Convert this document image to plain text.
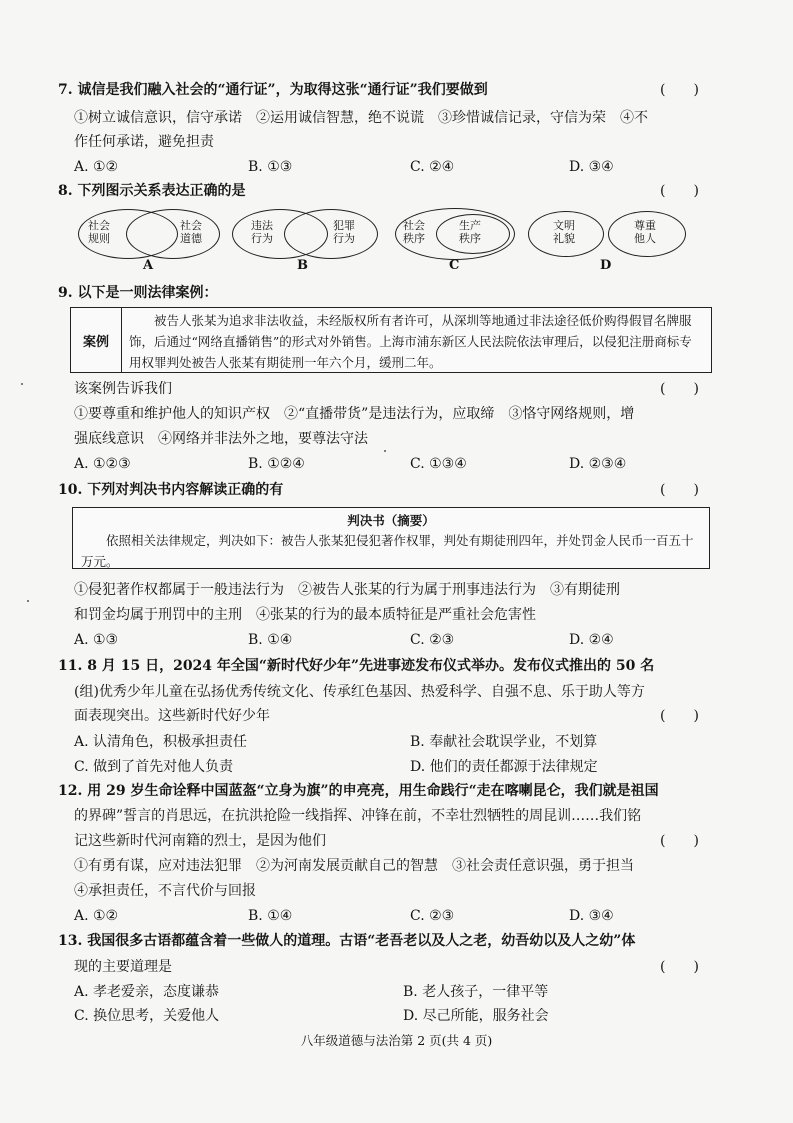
7. 诚信是我们融入社会的“通行证”，为取得这张“通行证”我们要做到	(　　)
①树立诚信意识，信守承诺　②运用诚信智慧，绝不说谎　③珍惜诚信记录，守信为荣　④不
作任何承诺，避免担责
A. ①②	B. ①③	C. ②④	D. ③④
8. 下列图示关系表达正确的是	(　　)
社会
规则
社会
道德
A
违法
行为
犯罪
行为
B
社会
秩序
生产
秩序
C
文明
礼貌
尊重
他人
D
9. 以下是一则法律案例：
案例
被告人张某为追求非法收益，未经版权所有者许可，从深圳等地通过非法途径低价购得假冒名牌服饰，后通过“网络直播销售”的形式对外销售。上海市浦东新区人民法院依法审理后，以侵犯注册商标专用权罪判处被告人张某有期徒刑一年六个月，缓刑二年。
该案例告诉我们	(　　)
①要尊重和维护他人的知识产权　②“直播带货”是违法行为，应取缔　③恪守网络规则，增
强底线意识　④网络并非法外之地，要尊法守法
A. ①②③	B. ①②④	C. ①③④	D. ②③④
10. 下列对判决书内容解读正确的有	(　　)
判决书（摘要）
依照相关法律规定，判决如下：被告人张某犯侵犯著作权罪，判处有期徒刑四年，并处罚金人民币一百五十万元。
①侵犯著作权都属于一般违法行为　②被告人张某的行为属于刑事违法行为　③有期徒刑
和罚金均属于刑罚中的主刑　④张某的行为的最本质特征是严重社会危害性
A. ①③	B. ①④	C. ②③	D. ②④
11. 8 月 15 日，2024 年全国“新时代好少年”先进事迹发布仪式举办。发布仪式推出的 50 名
(组)优秀少年儿童在弘扬优秀传统文化、传承红色基因、热爱科学、自强不息、乐于助人等方
面表现突出。这些新时代好少年	(　　)
A. 认清角色，积极承担责任	B. 奉献社会耽误学业，不划算
C. 做到了首先对他人负责	D. 他们的责任都源于法律规定
12. 用 29 岁生命诠释中国蓝盔“立身为旗”的申亮亮，用生命践行“走在喀喇昆仑，我们就是祖国
的界碑”誓言的肖思远，在抗洪抢险一线指挥、冲锋在前，不幸壮烈牺牲的周昆训……我们铭
记这些新时代河南籍的烈士，是因为他们	(　　)
①有勇有谋，应对违法犯罪　②为河南发展贡献自己的智慧　③社会责任意识强，勇于担当
④承担责任，不言代价与回报
A. ①②	B. ①④	C. ②③	D. ③④
13. 我国很多古语都蕴含着一些做人的道理。古语“老吾老以及人之老，幼吾幼以及人之幼”体
现的主要道理是	(　　)
A. 孝老爱亲，态度谦恭	B. 老人孩子，一律平等
C. 换位思考，关爱他人	D. 尽己所能，服务社会
八年级道德与法治第 2 页(共 4 页)
